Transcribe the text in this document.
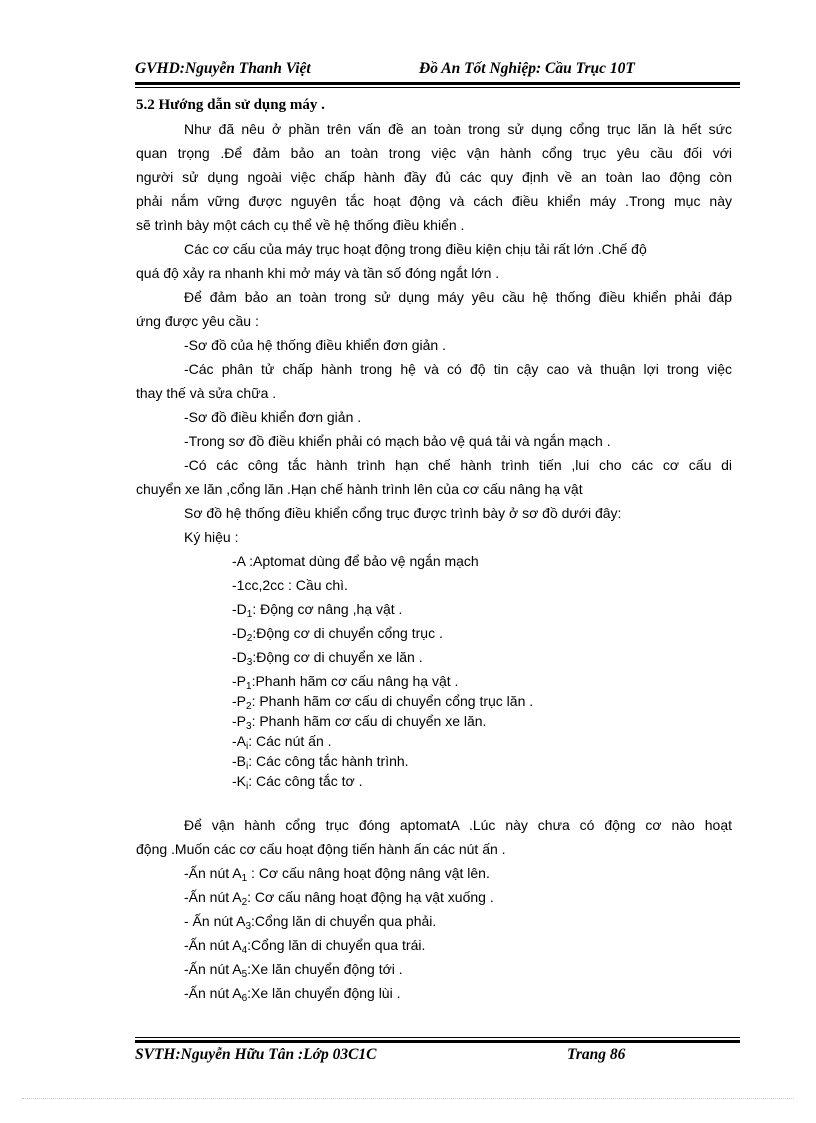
GVHD:Nguyễn Thanh Việt	Đồ An Tốt Nghiệp: Cầu Trục 10T
5.2 Hướng dẫn sử dụng máy .
Như đã nêu ở phần trên vấn đề an toàn trong sử dụng cổng trục lăn là hết sức
quan trọng .Để đảm bảo an toàn trong việc vận hành cổng trục yêu cầu đối với
người sử dụng ngoài việc chấp hành đầy đủ các quy định về an toàn lao động còn
phải nắm vững được nguyên tắc hoạt động và cách điều khiển máy .Trong mục này
sẽ trình bày một cách cụ thể về hệ thống điều khiển .
Các cơ cấu của máy trục hoạt động trong điều kiện chịu tải rất lớn .Chế độ
quá độ xảy ra nhanh khi mở máy và tần số đóng ngắt lớn .
Để đảm bảo an toàn trong sử dụng máy yêu cầu hệ thống điều khiển phải đáp
ứng được yêu cầu :
-Sơ đồ của hệ thống điều khiển đơn giản .
-Các phân tử chấp hành trong hệ và có độ tin cậy cao và thuận lợi trong việc
thay thế và sửa chữa .
-Sơ đồ điều khiển đơn giản .
-Trong sơ đồ điều khiển phải có mạch bảo vệ quá tải và ngắn mạch .
-Có các công tắc hành trình hạn chế hành trình tiến ,lui cho các cơ cấu di
chuyển xe lăn ,cổng lăn .Hạn chế hành trình lên của cơ cấu nâng hạ vật
Sơ đồ hệ thống điều khiển cổng trục được trình bày ở sơ đồ dưới đây:
Ký hiệu :
-A :Aptomat dùng để bảo vệ ngắn mạch
-1cc,2cc : Cầu chì.
$-D_1$: Động cơ nâng ,hạ vật .
$-D_2:Động$ cơ di chuyển cổng trục .
$-D_3:Động$ cơ di chuyển xe lăn .
$-P_1:Phanh$ hãm cơ cấu nâng hạ vật .
$-P_2$: Phanh hãm cơ cấu di chuyển cổng trục lăn .
$-P_3$: Phanh hãm cơ cấu di chuyển xe lăn.
$-A_i$: Các nút ấn .
$-B_i$: Các công tắc hành trình.
$-K_i$: Các công tắc tơ .
Để vận hành cổng trục đóng aptomatA .Lúc này chưa có động cơ nào hoạt
động .Muốn các cơ cấu hoạt động tiến hành ấn các nút ấn .
-Ấn nút $A_1$ : Cơ cấu nâng hoạt động nâng vật lên.
-Ấn nút $A_2$: Cơ cấu nâng hoạt động hạ vật xuống .
- Ấn nút $A_3:Cổng$ lăn di chuyển qua phải.
-Ấn nút $A_4:Cổng$ lăn di chuyển qua trái.
-Ấn nút $A_5:Xe$ lăn chuyển động tới .
-Ấn nút $A_6:Xe$ lăn chuyển động lùi .
SVTH:Nguyễn Hữu Tân :Lớp 03C1C	Trang 86
